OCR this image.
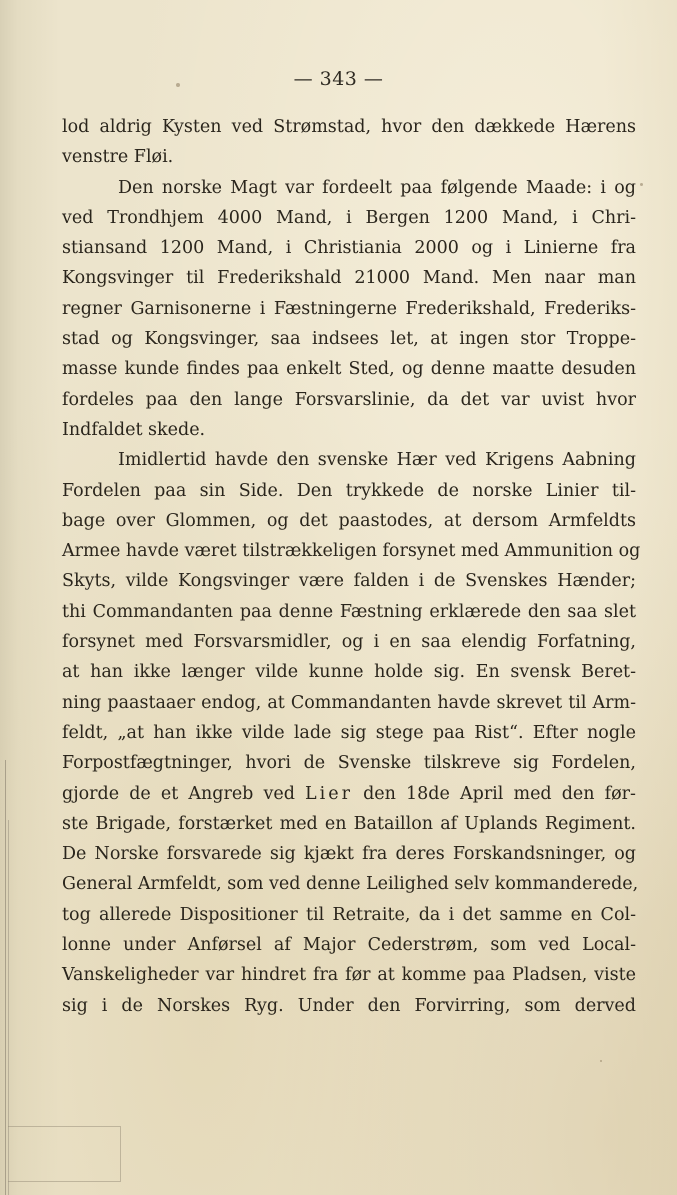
— 343 —
lod aldrig Kysten ved Strømstad, hvor den dækkede Hærens
venstre Fløi.
Den norske Magt var fordeelt paa følgende Maade: i og
ved Trondhjem 4000 Mand, i Bergen 1200 Mand, i Chri-
stiansand 1200 Mand, i Christiania 2000 og i Linierne fra
Kongsvinger til Frederikshald 21000 Mand. Men naar man
regner Garnisonerne i Fæstningerne Frederikshald, Frederiks-
stad og Kongsvinger, saa indsees let, at ingen stor Troppe-
masse kunde findes paa enkelt Sted, og denne maatte desuden
fordeles paa den lange Forsvarslinie, da det var uvist hvor
Indfaldet skede.
Imidlertid havde den svenske Hær ved Krigens Aabning
Fordelen paa sin Side. Den trykkede de norske Linier til-
bage over Glommen, og det paastodes, at dersom Armfeldts
Armee havde været tilstrækkeligen forsynet med Ammunition og
Skyts, vilde Kongsvinger være falden i de Svenskes Hænder;
thi Commandanten paa denne Fæstning erklærede den saa slet
forsynet med Forsvarsmidler, og i en saa elendig Forfatning,
at han ikke længer vilde kunne holde sig. En svensk Beret-
ning paastaaer endog, at Commandanten havde skrevet til Arm-
feldt, „at han ikke vilde lade sig stege paa Rist“. Efter nogle
Forpostfægtninger, hvori de Svenske tilskreve sig Fordelen,
gjorde de et Angreb ved Lier den 18de April med den før-
ste Brigade, forstærket med en Bataillon af Uplands Regiment.
De Norske forsvarede sig kjækt fra deres Forskandsninger, og
General Armfeldt, som ved denne Leilighed selv kommanderede,
tog allerede Dispositioner til Retraite, da i det samme en Col-
lonne under Anførsel af Major Cederstrøm, som ved Local-
Vanskeligheder var hindret fra før at komme paa Pladsen, viste
sig i de Norskes Ryg. Under den Forvirring, som derved
